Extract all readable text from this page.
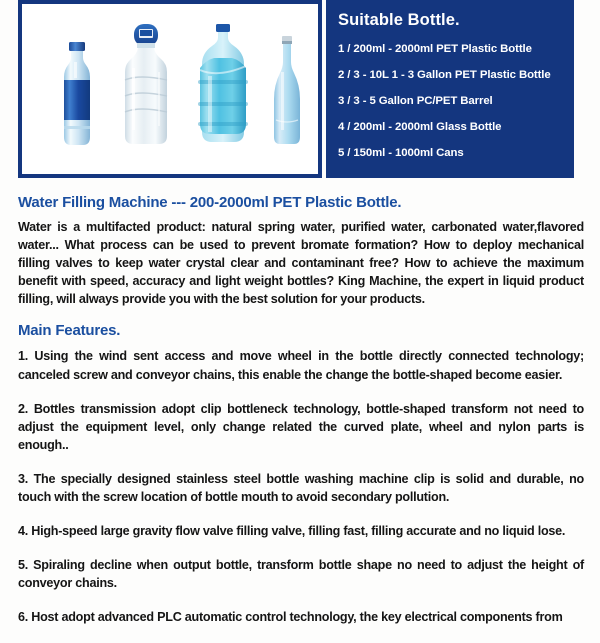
Suitable Bottle.
1 / 200ml - 2000ml PET Plastic Bottle
2 / 3 - 10L 1 - 3 Gallon PET Plastic Bottle
3 / 3 - 5 Gallon PC/PET Barrel
4 / 200ml - 2000ml Glass Bottle
5 / 150ml - 1000ml Cans
Water Filling Machine --- 200-2000ml PET Plastic Bottle.

Water is a multifacted product: natural spring water, purified water, carbonated water,flavored water... What process can be used to prevent bromate formation? How to deploy mechanical filling valves to keep water crystal clear and contaminant free? How to achieve the maximum benefit with speed, accuracy and light weight bottles? King Machine, the expert in liquid product filling, will always provide you with the best solution for your products.

Main Features.

1. Using the wind sent access and move wheel in the bottle directly connected technology; canceled screw and conveyor chains, this enable the change the bottle-shaped become easier.

2. Bottles transmission adopt clip bottleneck technology, bottle-shaped transform not need to adjust the equipment level, only change related the curved plate, wheel and nylon parts is enough..

3. The specially designed stainless steel bottle washing machine clip is solid and durable, no touch with the screw location of bottle mouth to avoid secondary pollution.

4. High-speed large gravity flow valve filling valve, filling fast, filling accurate and no liquid lose.

5. Spiraling decline when output bottle, transform bottle shape no need to adjust the height of conveyor chains.

6. Host adopt advanced PLC automatic control technology, the key electrical components from
